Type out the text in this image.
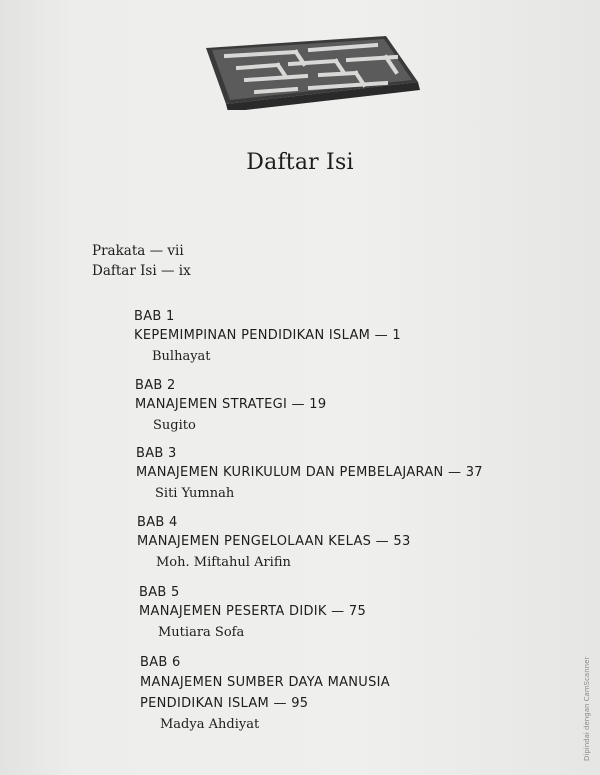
Daftar Isi
Prakata — vii
Daftar Isi — ix
BAB 1
KEPEMIMPINAN PENDIDIKAN ISLAM — 1
Bulhayat
BAB 2
MANAJEMEN STRATEGI — 19
Sugito
BAB 3
MANAJEMEN KURIKULUM DAN PEMBELAJARAN — 37
Siti Yumnah
BAB 4
MANAJEMEN PENGELOLAAN KELAS — 53
Moh. Miftahul Arifin
BAB 5
MANAJEMEN PESERTA DIDIK — 75
Mutiara Sofa
BAB 6
MANAJEMEN SUMBER DAYA MANUSIA
PENDIDIKAN ISLAM — 95
Madya Ahdiyat	Dipindai dengan CamScanner
